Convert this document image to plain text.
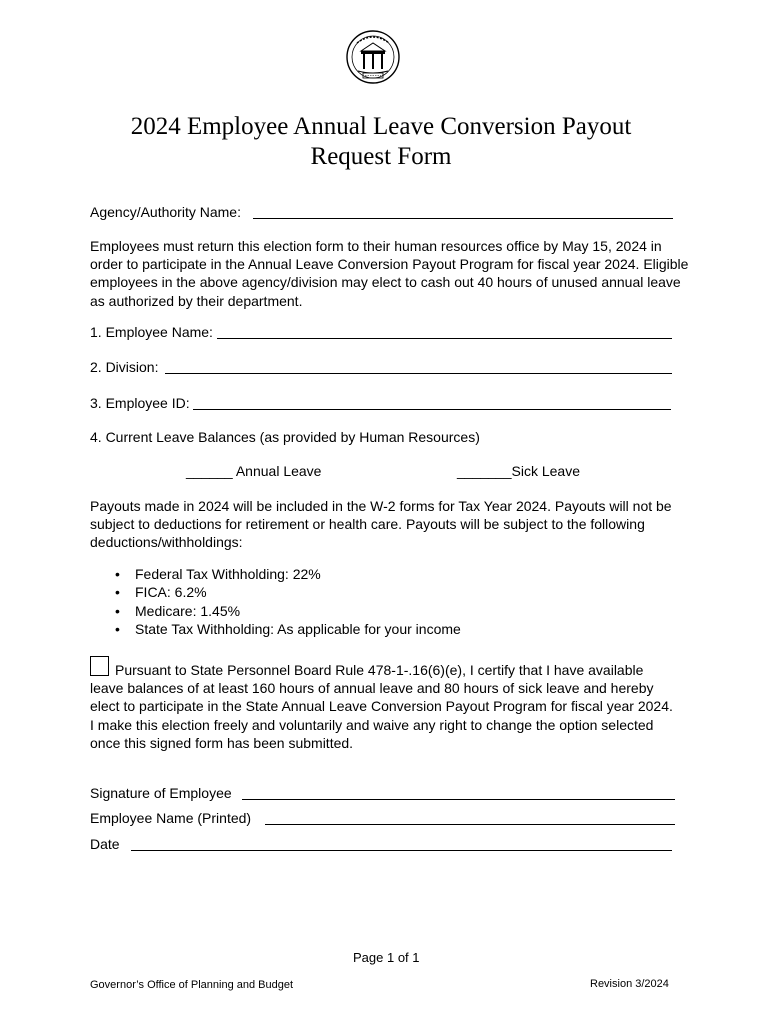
2024 Employee Annual Leave Conversion Payout
Request Form
Agency/Authority Name:

Employees must return this election form to their human resources office by May 15, 2024 in order to participate in the Annual Leave Conversion Payout Program for fiscal year 2024. Eligible employees in the above agency/division may elect to cash out 40 hours of unused annual leave as authorized by their department.

1. Employee Name:
2. Division:
3. Employee ID:
4. Current Leave Balances (as provided by Human Resources)
______ Annual Leave	_______Sick Leave

Payouts made in 2024 will be included in the W-2 forms for Tax Year 2024. Payouts will not be subject to deductions for retirement or health care. Payouts will be subject to the following deductions/withholdings:

• Federal Tax Withholding: 22%
• FICA: 6.2%
• Medicare: 1.45%
• State Tax Withholding: As applicable for your income

Pursuant to State Personnel Board Rule 478-1-.16(6)(e), I certify that I have available leave balances of at least 160 hours of annual leave and 80 hours of sick leave and hereby elect to participate in the State Annual Leave Conversion Payout Program for fiscal year 2024. I make this election freely and voluntarily and waive any right to change the option selected once this signed form has been submitted.

Signature of Employee
Employee Name (Printed)
Date
Page 1 of 1
Governor’s Office of Planning and Budget	Revision 3/2024
